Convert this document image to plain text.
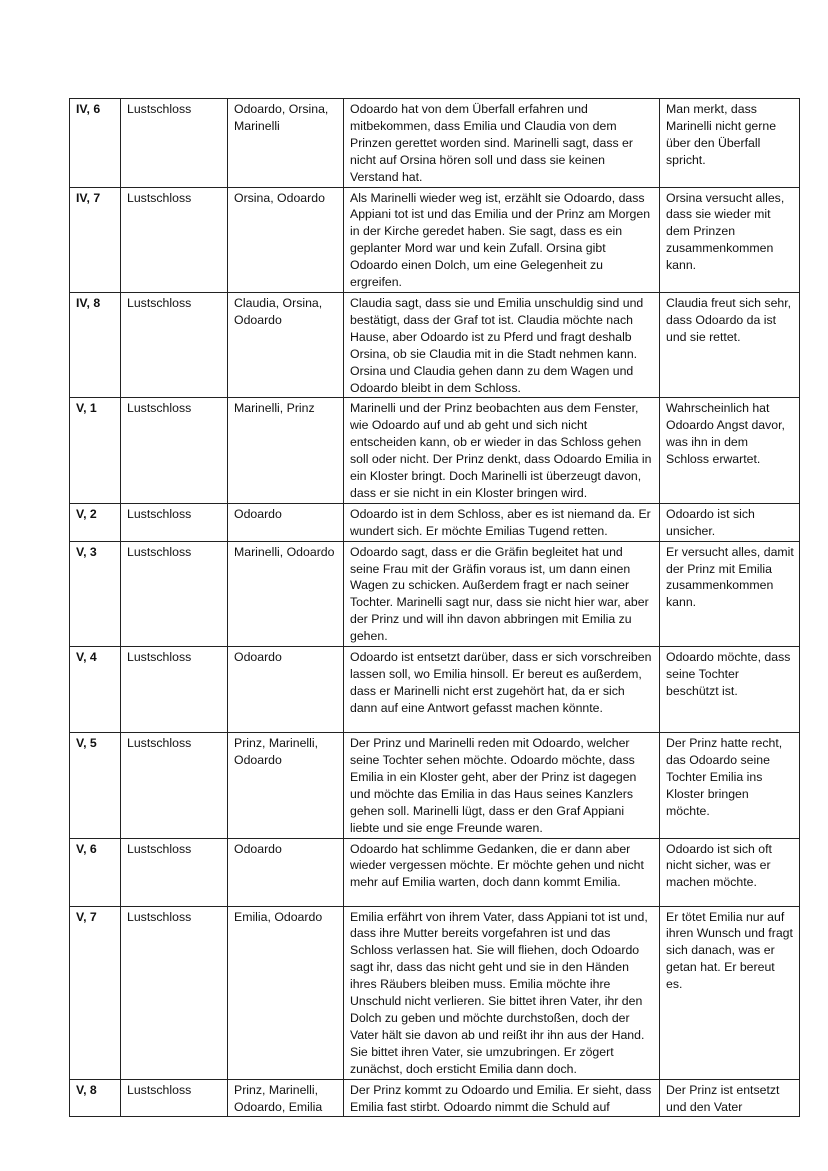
IV, 6	Lustschloss	Odoardo, Orsina, Marinelli	Odoardo hat von dem Überfall erfahren und mitbekommen, dass Emilia und Claudia von dem Prinzen gerettet worden sind. Marinelli sagt, dass er nicht auf Orsina hören soll und dass sie keinen Verstand hat.	Man merkt, dass Marinelli nicht gerne über den Überfall spricht.
IV, 7	Lustschloss	Orsina, Odoardo	Als Marinelli wieder weg ist, erzählt sie Odoardo, dass Appiani tot ist und das Emilia und der Prinz am Morgen in der Kirche geredet haben. Sie sagt, dass es ein geplanter Mord war und kein Zufall. Orsina gibt Odoardo einen Dolch, um eine Gelegenheit zu ergreifen.	Orsina versucht alles, dass sie wieder mit dem Prinzen zusammenkommen kann.
IV, 8	Lustschloss	Claudia, Orsina, Odoardo	Claudia sagt, dass sie und Emilia unschuldig sind und bestätigt, dass der Graf tot ist. Claudia möchte nach Hause, aber Odoardo ist zu Pferd und fragt deshalb Orsina, ob sie Claudia mit in die Stadt nehmen kann. Orsina und Claudia gehen dann zu dem Wagen und Odoardo bleibt in dem Schloss.	Claudia freut sich sehr, dass Odoardo da ist und sie rettet.
V, 1	Lustschloss	Marinelli, Prinz	Marinelli und der Prinz beobachten aus dem Fenster, wie Odoardo auf und ab geht und sich nicht entscheiden kann, ob er wieder in das Schloss gehen soll oder nicht. Der Prinz denkt, dass Odoardo Emilia in ein Kloster bringt. Doch Marinelli ist überzeugt davon, dass er sie nicht in ein Kloster bringen wird.	Wahrscheinlich hat Odoardo Angst davor, was ihn in dem Schloss erwartet.
V, 2	Lustschloss	Odoardo	Odoardo ist in dem Schloss, aber es ist niemand da. Er wundert sich. Er möchte Emilias Tugend retten.	Odoardo ist sich unsicher.
V, 3	Lustschloss	Marinelli, Odoardo	Odoardo sagt, dass er die Gräfin begleitet hat und seine Frau mit der Gräfin voraus ist, um dann einen Wagen zu schicken. Außerdem fragt er nach seiner Tochter. Marinelli sagt nur, dass sie nicht hier war, aber der Prinz und will ihn davon abbringen mit Emilia zu gehen.	Er versucht alles, damit der Prinz mit Emilia zusammenkommen kann.
V, 4	Lustschloss	Odoardo	Odoardo ist entsetzt darüber, dass er sich vorschreiben lassen soll, wo Emilia hinsoll. Er bereut es außerdem, dass er Marinelli nicht erst zugehört hat, da er sich dann auf eine Antwort gefasst machen könnte.	Odoardo möchte, dass seine Tochter beschützt ist.
V, 5	Lustschloss	Prinz, Marinelli, Odoardo	Der Prinz und Marinelli reden mit Odoardo, welcher seine Tochter sehen möchte. Odoardo möchte, dass Emilia in ein Kloster geht, aber der Prinz ist dagegen und möchte das Emilia in das Haus seines Kanzlers gehen soll. Marinelli lügt, dass er den Graf Appiani liebte und sie enge Freunde waren.	Der Prinz hatte recht, das Odoardo seine Tochter Emilia ins Kloster bringen möchte.
V, 6	Lustschloss	Odoardo	Odoardo hat schlimme Gedanken, die er dann aber wieder vergessen möchte. Er möchte gehen und nicht mehr auf Emilia warten, doch dann kommt Emilia.	Odoardo ist sich oft nicht sicher, was er machen möchte.
V, 7	Lustschloss	Emilia, Odoardo	Emilia erfährt von ihrem Vater, dass Appiani tot ist und, dass ihre Mutter bereits vorgefahren ist und das Schloss verlassen hat. Sie will fliehen, doch Odoardo sagt ihr, dass das nicht geht und sie in den Händen ihres Räubers bleiben muss. Emilia möchte ihre Unschuld nicht verlieren. Sie bittet ihren Vater, ihr den Dolch zu geben und möchte durchstoßen, doch der Vater hält sie davon ab und reißt ihr ihn aus der Hand. Sie bittet ihren Vater, sie umzubringen. Er zögert zunächst, doch ersticht Emilia dann doch.	Er tötet Emilia nur auf ihren Wunsch und fragt sich danach, was er getan hat. Er bereut es.
V, 8	Lustschloss	Prinz, Marinelli, Odoardo, Emilia	Der Prinz kommt zu Odoardo und Emilia. Er sieht, dass Emilia fast stirbt. Odoardo nimmt die Schuld auf	Der Prinz ist entsetzt und den Vater
